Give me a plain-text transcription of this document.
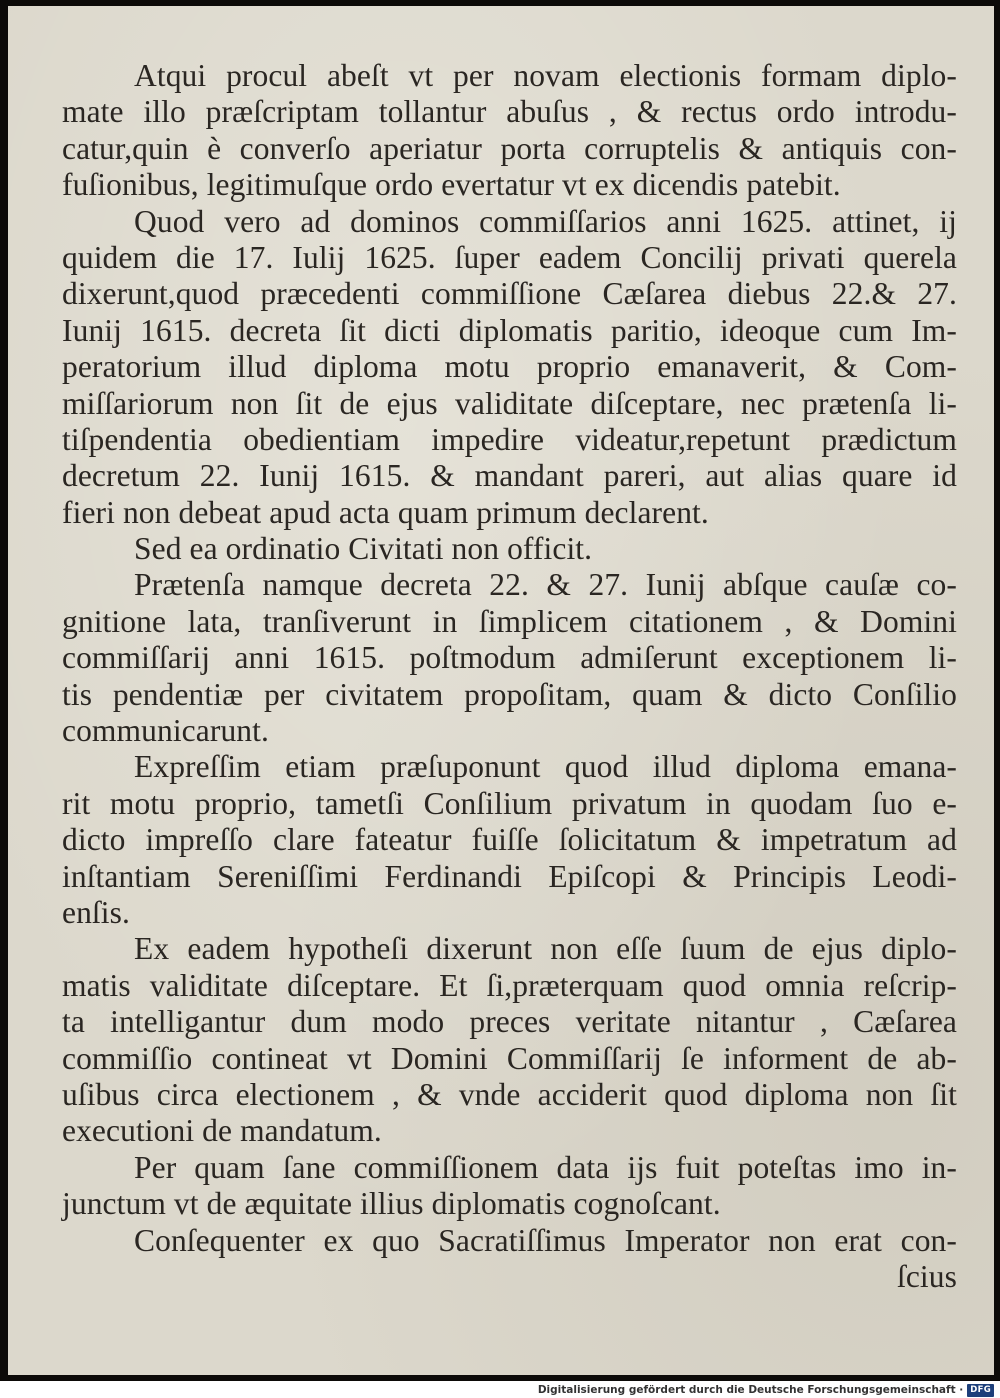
Atqui procul abeſt vt per novam electionis formam diplo-
mate illo præſcriptam tollantur abuſus , & rectus ordo introdu-
catur,quin è converſo aperiatur porta corruptelis & antiquis con-
fuſionibus, legitimuſque ordo evertatur vt ex dicendis patebit.
Quod vero ad dominos commiſſarios anni 1625. attinet, ij
quidem die 17. Iulij 1625. ſuper eadem Concilij privati querela
dixerunt,quod præcedenti commiſſione Cæſarea diebus 22.& 27.
Iunij 1615. decreta ſit dicti diplomatis paritio, ideoque cum Im-
peratorium illud diploma motu proprio emanaverit, & Com-
miſſariorum non ſit de ejus validitate diſceptare, nec prætenſa li-
tiſpendentia obedientiam impedire videatur,repetunt prædictum
decretum 22. Iunij 1615. & mandant pareri, aut alias quare id
fieri non debeat apud acta quam primum declarent.
Sed ea ordinatio Civitati non officit.
Prætenſa namque decreta 22. & 27. Iunij abſque cauſæ co-
gnitione lata, tranſiverunt in ſimplicem citationem , & Domini
commiſſarij anni 1615. poſtmodum admiſerunt exceptionem li-
tis pendentiæ per civitatem propoſitam, quam & dicto Conſilio
communicarunt.
Expreſſim etiam præſuponunt quod illud diploma emana-
rit motu proprio, tametſi Conſilium privatum in quodam ſuo e-
dicto impreſſo clare fateatur fuiſſe ſolicitatum & impetratum ad
inſtantiam Sereniſſimi Ferdinandi Epiſcopi & Principis Leodi-
enſis.
Ex eadem hypotheſi dixerunt non eſſe ſuum de ejus diplo-
matis validitate diſceptare. Et ſi,præterquam quod omnia reſcrip-
ta intelligantur dum modo preces veritate nitantur , Cæſarea
commiſſio contineat vt Domini Commiſſarij ſe informent de ab-
uſibus circa electionem , & vnde acciderit quod diploma non ſit
executioni de mandatum.
Per quam ſane commiſſionem data ijs fuit poteſtas imo in-
junctum vt de æquitate illius diplomatis cognoſcant.
Conſequenter ex quo Sacratiſſimus Imperator non erat con-
ſcius
Digitalisierung gefördert durch die Deutsche Forschungsgemeinschaft · DFG
